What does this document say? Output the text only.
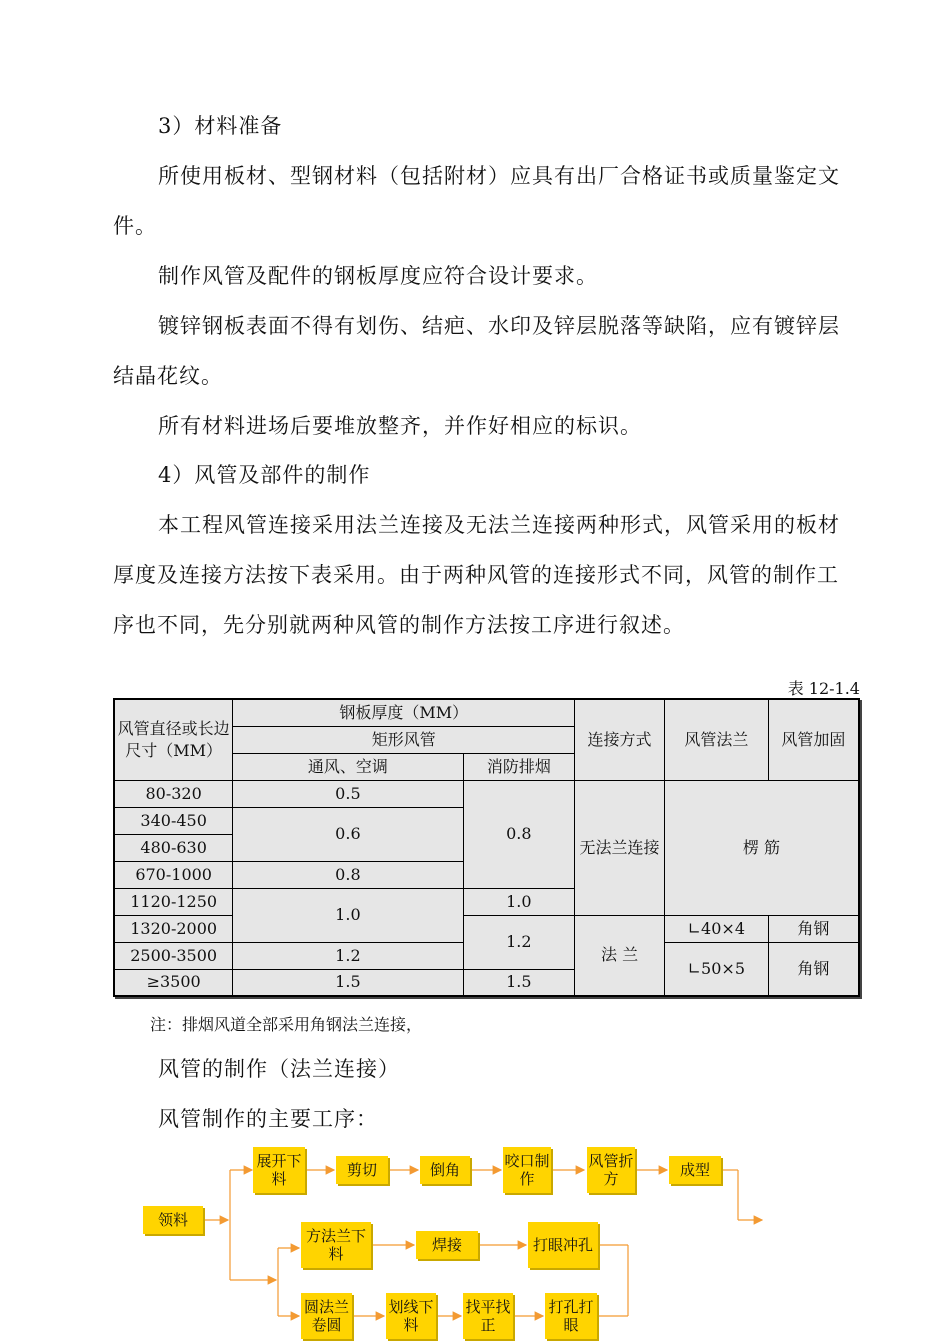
3）材料准备
所使用板材、型钢材料（包括附材）应具有出厂合格证书或质量鉴定文
件。
制作风管及配件的钢板厚度应符合设计要求。
镀锌钢板表面不得有划伤、结疤、水印及锌层脱落等缺陷，应有镀锌层
结晶花纹。
所有材料进场后要堆放整齐，并作好相应的标识。
4）风管及部件的制作
本工程风管连接采用法兰连接及无法兰连接两种形式，风管采用的板材
厚度及连接方法按下表采用。由于两种风管的连接形式不同，风管的制作工
序也不同，先分别就两种风管的制作方法按工序进行叙述。
表 12-1.4
风管直径或长边尺寸（MM）	钢板厚度（MM）		连接方式	风管法兰	风管加固
	矩形风管				
	通风、空调	消防排烟			
80-320	0.5	0.8	无法兰连接	楞 筋	
340-450	0.6				
480-630					
670-1000	0.8				
1120-1250	1.0	1.0			
1320-2000		1.2	法 兰	∟40×4	角钢
2500-3500	1.2			∟50×5	角钢
≥3500	1.5	1.5			
注：排烟风道全部采用角钢法兰连接，
风管的制作（法兰连接）
风管制作的主要工序：
领料
展开下料	剪切	倒角	咬口制作
风管折方	成型
方法兰下料	焊接	打眼冲孔
圆法兰卷圆
划线下料
找平找正
打孔打眼
